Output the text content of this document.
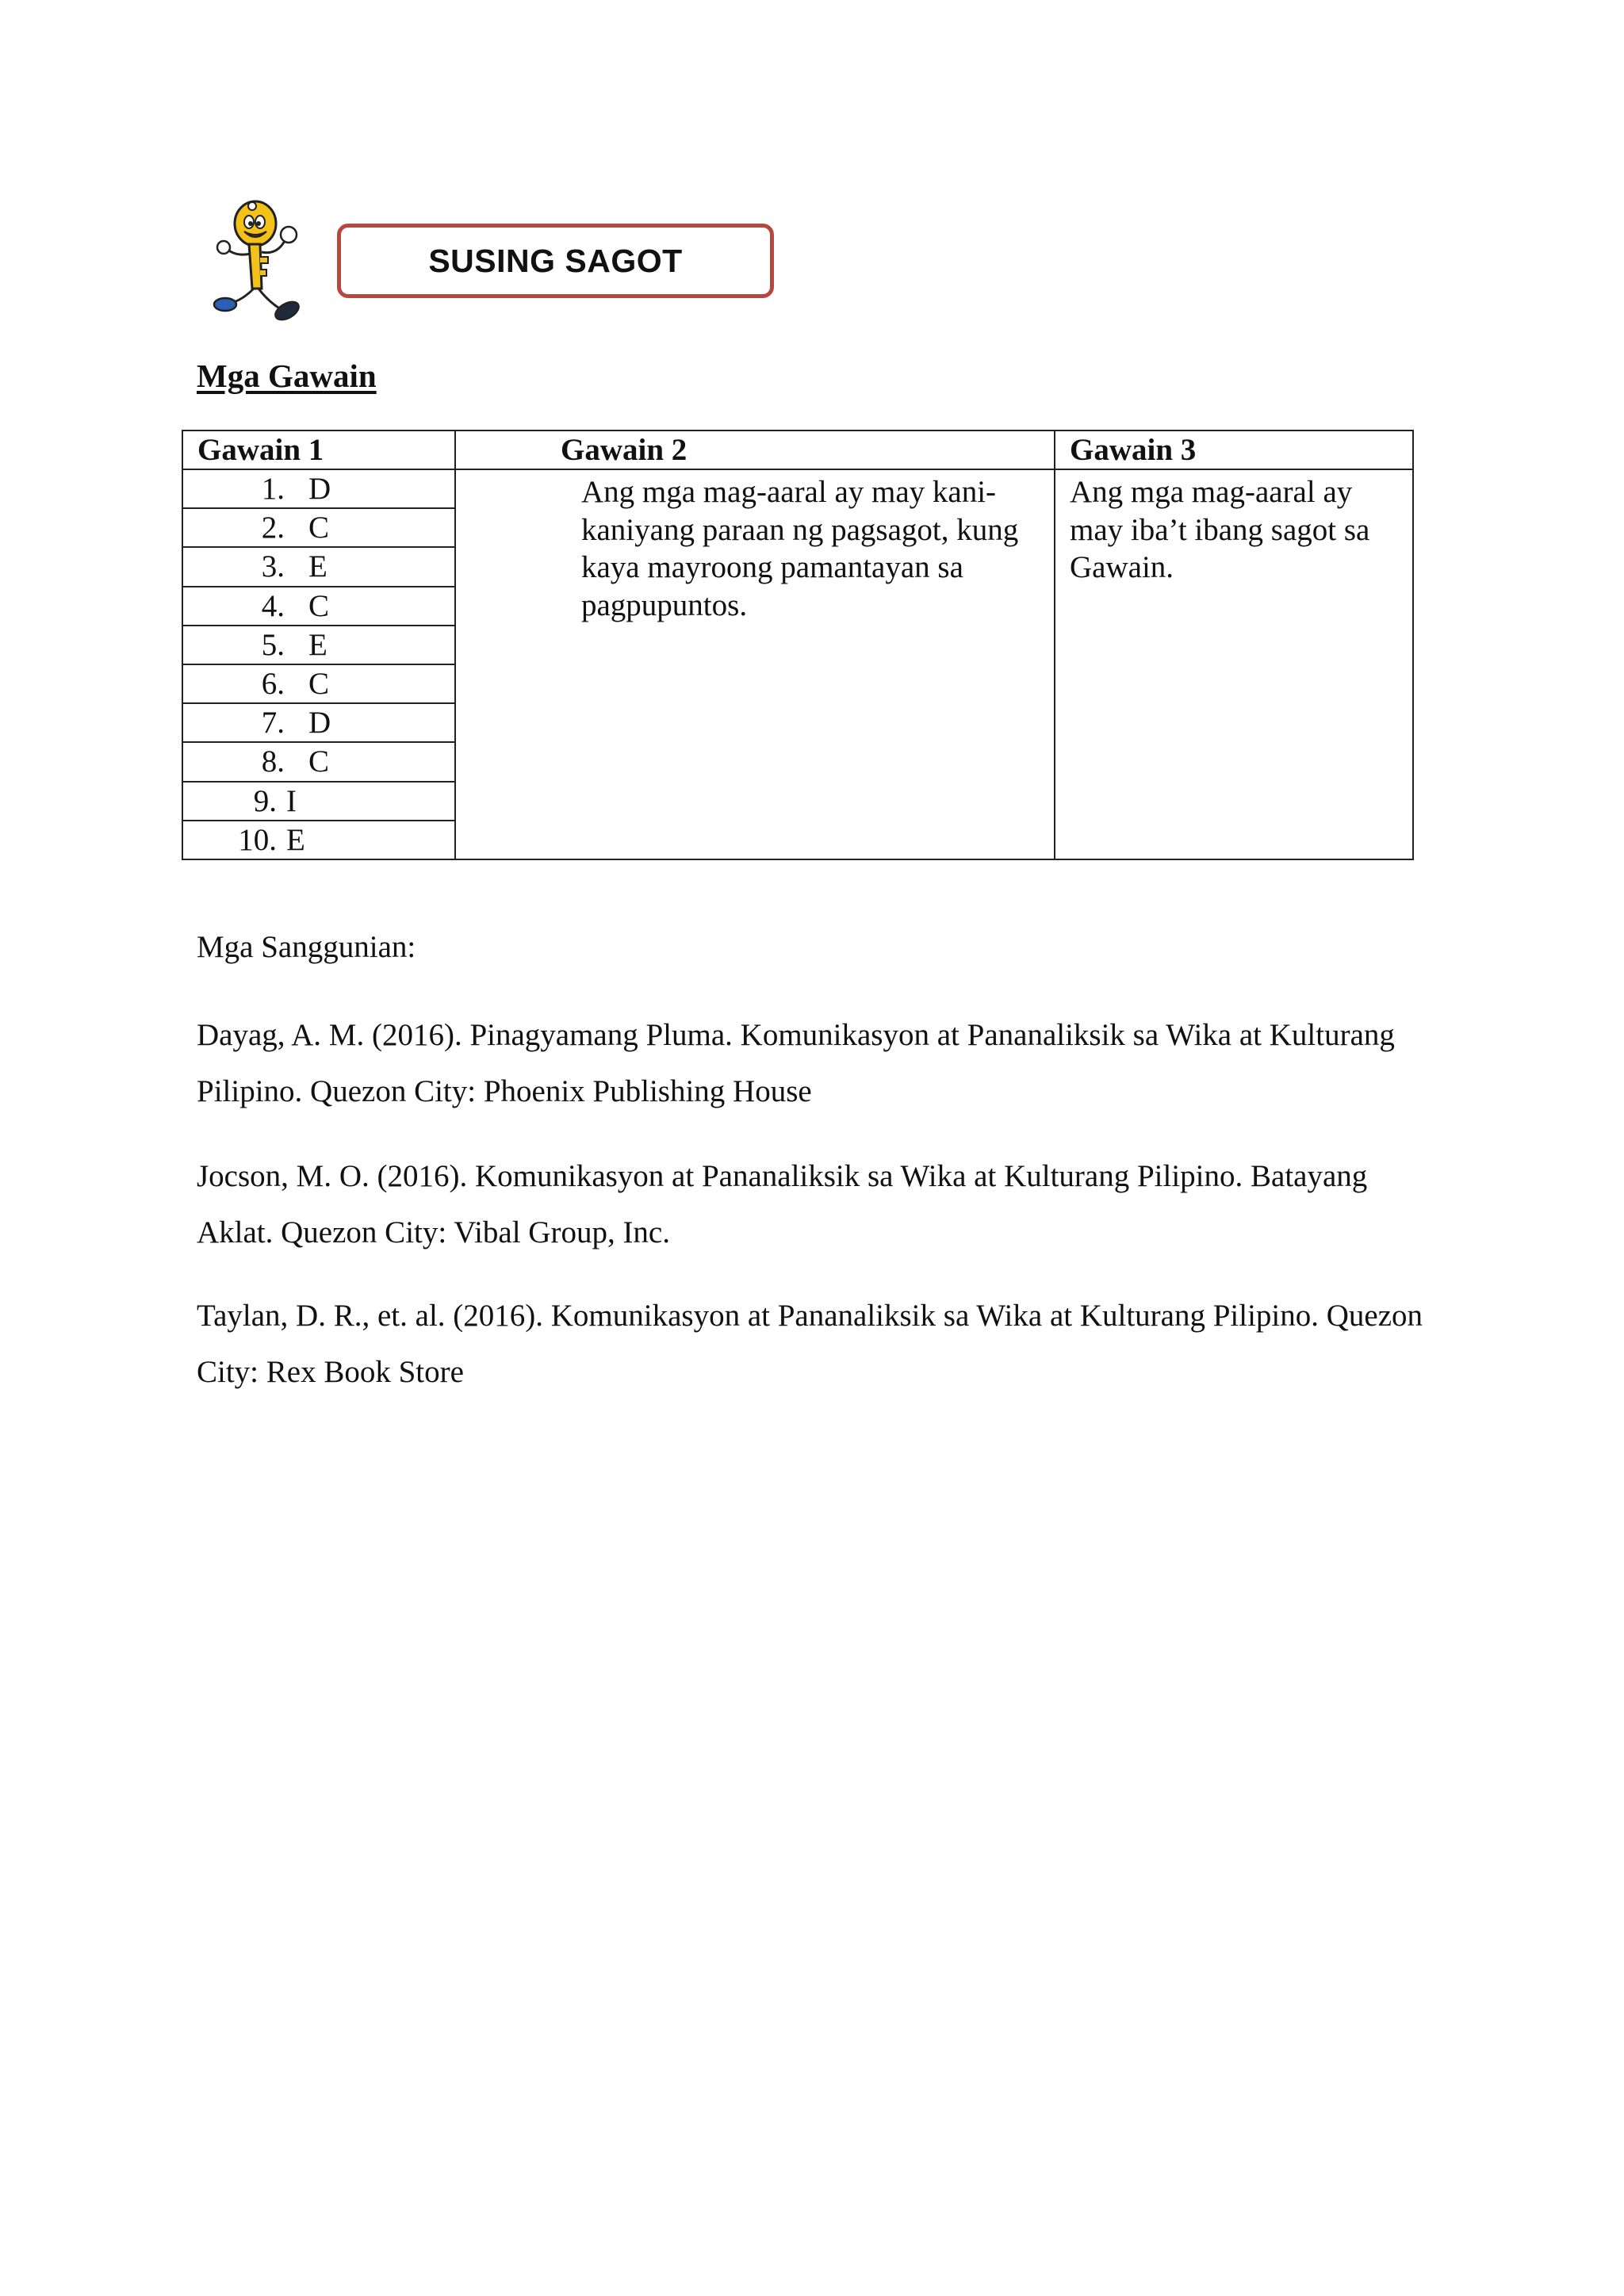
SUSING SAGOT
Mga Gawain
Gawain 1	Gawain 2	Gawain 3
1. D	Ang mga mag-aaral ay may kani-kaniyang paraan ng pagsagot, kung kaya mayroong pamantayan sa pagpupuntos.	Ang mga mag-aaral ay may iba’t ibang sagot sa Gawain.
2. C		
3. E		
4. C		
5. E		
6. C		
7. D		
8. C		
9. I		
10. E		
Mga Sanggunian:
Dayag, A. M. (2016). Pinagyamang Pluma. Komunikasyon at Pananaliksik sa Wika at Kulturang Pilipino. Quezon City: Phoenix Publishing House
Jocson, M. O. (2016). Komunikasyon at Pananaliksik sa Wika at Kulturang Pilipino. Batayang Aklat. Quezon City: Vibal Group, Inc.
Taylan, D. R., et. al. (2016). Komunikasyon at Pananaliksik sa Wika at Kulturang Pilipino. Quezon City: Rex Book Store
